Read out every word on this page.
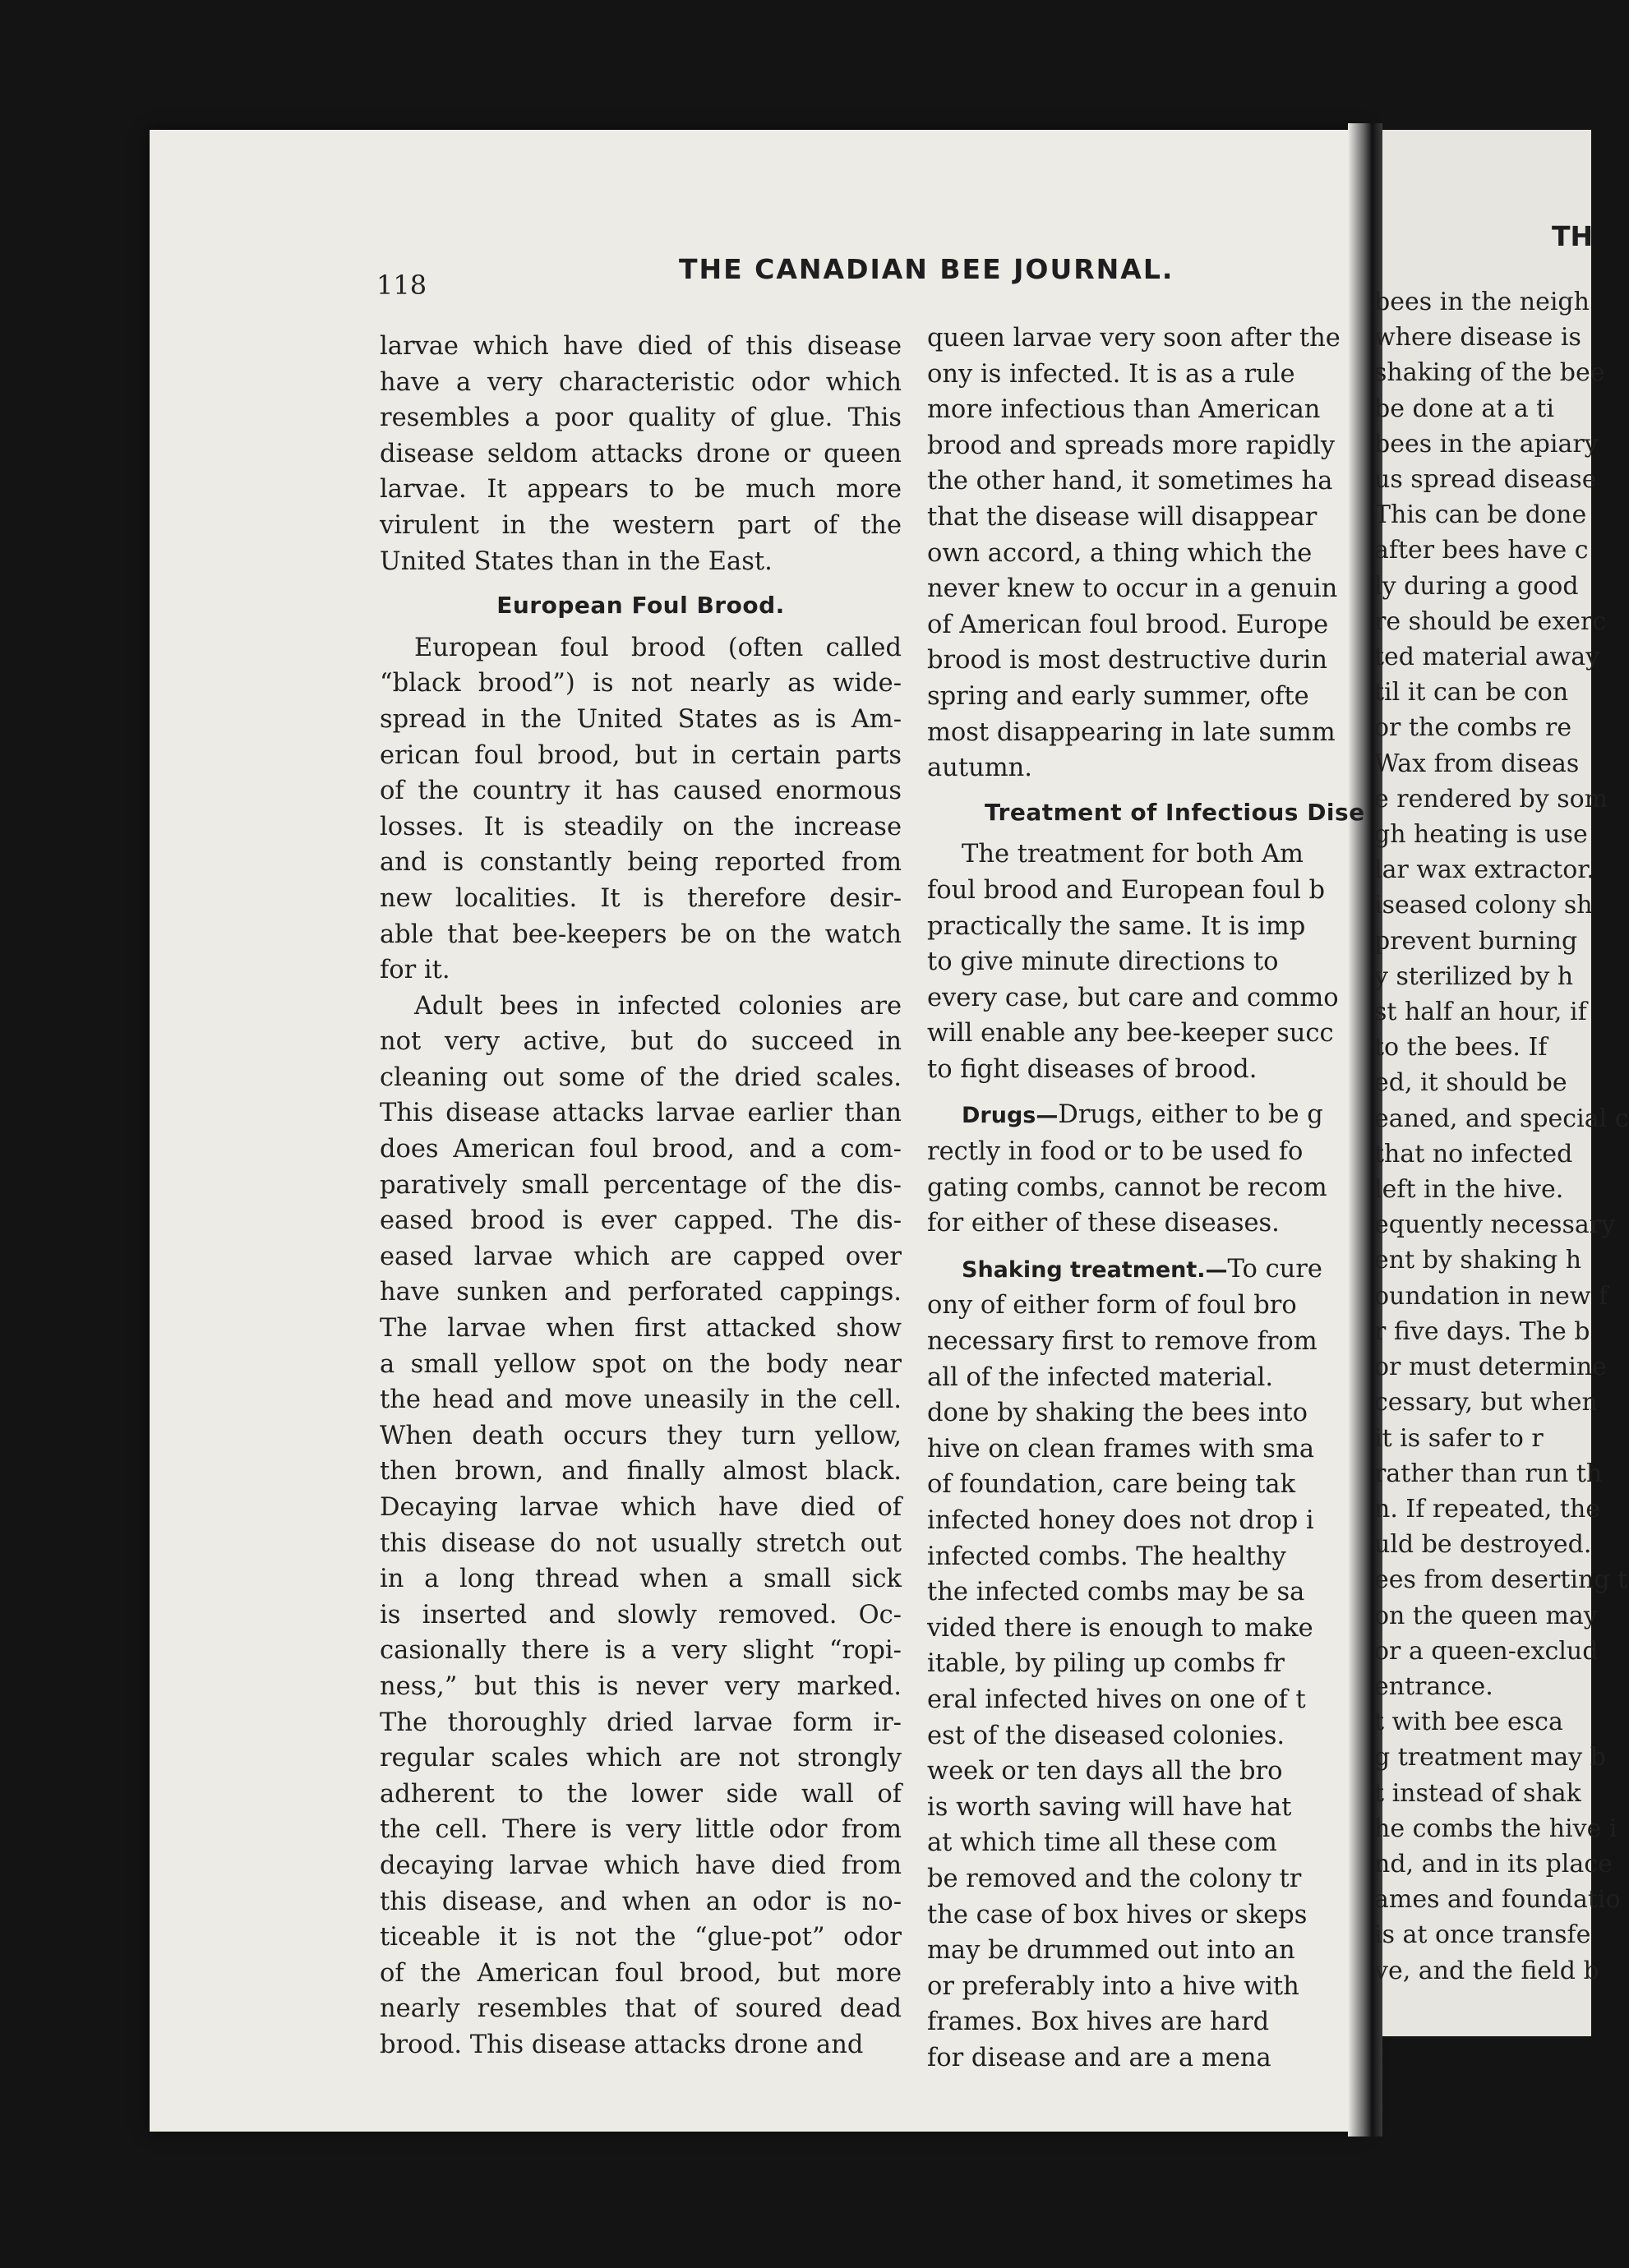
118	THE CANADIAN BEE JOURNAL.
TH
larvae which have died of this disease
have a very characteristic odor which
resembles a poor quality of glue. This
disease seldom attacks drone or queen
larvae. It appears to be much more
virulent in the western part of the
United States than in the East.
European Foul Brood.
European foul brood (often called
“black brood”) is not nearly as wide-
spread in the United States as is Am-
erican foul brood, but in certain parts
of the country it has caused enormous
losses. It is steadily on the increase
and is constantly being reported from
new localities. It is therefore desir-
able that bee-keepers be on the watch
for it.
Adult bees in infected colonies are
not very active, but do succeed in
cleaning out some of the dried scales.
This disease attacks larvae earlier than
does American foul brood, and a com-
paratively small percentage of the dis-
eased brood is ever capped. The dis-
eased larvae which are capped over
have sunken and perforated cappings.
The larvae when first attacked show
a small yellow spot on the body near
the head and move uneasily in the cell.
When death occurs they turn yellow,
then brown, and finally almost black.
Decaying larvae which have died of
this disease do not usually stretch out
in a long thread when a small sick
is inserted and slowly removed. Oc-
casionally there is a very slight “ropi-
ness,” but this is never very marked.
The thoroughly dried larvae form ir-
regular scales which are not strongly
adherent to the lower side wall of
the cell. There is very little odor from
decaying larvae which have died from
this disease, and when an odor is no-
ticeable it is not the “glue-pot” odor
of the American foul brood, but more
nearly resembles that of soured dead
brood. This disease attacks drone and
queen larvae very soon after the
ony is infected. It is as a rule
more infectious than American
brood and spreads more rapidly
the other hand, it sometimes ha
that the disease will disappear
own accord, a thing which the
never knew to occur in a genuin
of American foul brood. Europe
brood is most destructive durin
spring and early summer, ofte
most disappearing in late summ
autumn.
Treatment of Infectious Dise
The treatment for both Am
foul brood and European foul b
practically the same. It is imp
to give minute directions to
every case, but care and commo
will enable any bee-keeper succ
to fight diseases of brood.
Drugs—Drugs, either to be g
rectly in food or to be used fo
gating combs, cannot be recom
for either of these diseases.
Shaking treatment.—To cure
ony of either form of foul bro
necessary first to remove from
all of the infected material.
done by shaking the bees into
hive on clean frames with sma
of foundation, care being tak
infected honey does not drop i
infected combs. The healthy
the infected combs may be sa
vided there is enough to make
itable, by piling up combs fr
eral infected hives on one of t
est of the diseased colonies.
week or ten days all the bro
is worth saving will have hat
at which time all these com
be removed and the colony tr
the case of box hives or skeps
may be drummed out into an
or preferably into a hive with
frames. Box hives are hard
for disease and are a mena
bees in the neigh
where disease is
shaking of the bee
be done at a ti
bees in the apiary
us spread disease
This can be done
after bees have c
ly during a good
re should be exerc
ted material away
til it can be con
or the combs re
Wax from diseas
e rendered by som
gh heating is use
lar wax extractor.
iseased colony sh
prevent burning
y sterilized by h
st half an hour, if
to the bees. If
ed, it should be
eaned, and special c
that no infected
left in the hive.
equently necessary
ent by shaking h
oundation in new f
r five days. The b
or must determine
cessary, but when
it is safer to r
rather than run th
n. If repeated, the
uld be destroyed.
ees from deserting t
on the queen may
or a queen-exclud
entrance.
t with bee esca
g treatment may b
t instead of shak
he combs the hive i
nd, and in its place
ames and foundatio
is at once transfe
ve, and the field b
